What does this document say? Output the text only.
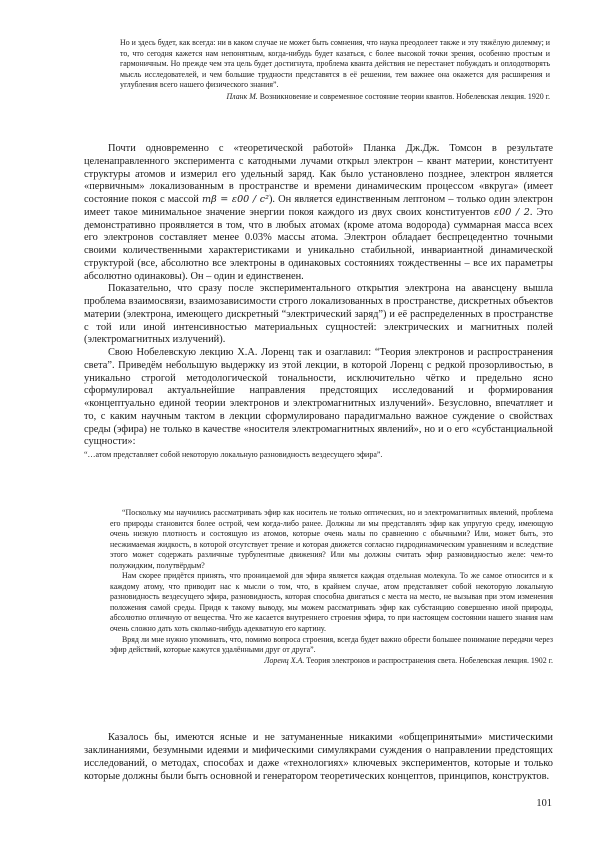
Но и здесь будет, как всегда: ни в каком случае не может быть сомнения, что наука преодолеет также и эту тяжёлую дилемму; и то, что сегодня кажется нам непонятным, когда-нибудь будет казаться, с более высокой точки зрения, особенно простым и гармоничным. Но прежде чем эта цель будет достигнута, проблема кванта действия не перестанет побуждать и оплодотворять мысль исследователей, и чем большие трудности представятся в её решении, тем важнее она окажется для расширения и углубления всего нашего физического знания”.

Планк М. Возникновение и современное состояние теории квантов. Нобелевская лекция. 1920 г.

Почти одновременно с «теоретической работой» Планка Дж.Дж. Томсон в результате целенаправленного эксперимента с катодными лучами открыл электрон – квант материи, конституент структуры атомов и измерил его удельный заряд. Как было установлено позднее, электрон является «первичным» локализованным в пространстве и времени динамическим процессом «вкруга» (имеет состояние покоя с массой mβ = ε00 / c²). Он является единственным лептоном – только один электрон имеет такое минимальное значение энергии покоя каждого из двух своих конституентов ε00 / 2. Это демонстративно проявляется в том, что в любых атомах (кроме атома водорода) суммарная масса всех его электронов составляет менее 0.03% массы атома. Электрон обладает беспрецедентно точными своими количественными характеристиками и уникально стабильной, инвариантной динамической структурой (все, абсолютно все электроны в одинаковых состояниях тождественны – все их параметры абсолютно одинаковы). Он – один и единственен.

Показательно, что сразу после экспериментального открытия электрона на авансцену вышла проблема взаимосвязи, взаимозависимости строго локализованных в пространстве, дискретных объектов материи (электрона, имеющего дискретный “электрический заряд”) и её распределенных в пространстве с той или иной интенсивностью материальных сущностей: электрических и магнитных полей (электромагнитных излучений).

Свою Нобелевскую лекцию Х.А. Лоренц так и озаглавил: “Теория электронов и распространения света”. Приведём небольшую выдержку из этой лекции, в которой Лоренц с редкой прозорливостью, в уникально строгой методологической тональности, исключительно чётко и предельно ясно сформулировал актуальнейшие направления предстоящих исследований и формирования «концептуально единой теории электронов и электромагнитных излучений». Безусловно, впечатляет и то, с каким научным тактом в лекции сформулировано парадигмально важное суждение о свойствах среды (эфира) не только в качестве «носителя электромагнитных явлений», но и о его «субстанциальной сущности»:

“…атом представляет собой некоторую локальную разновидность вездесущего эфира”.

“Поскольку мы научились рассматривать эфир как носитель не только оптических, но и электромагнитных явлений, проблема его природы становится более острой, чем когда-либо ранее. Должны ли мы представлять эфир как упругую среду, имеющую очень низкую плотность и состоящую из атомов, которые очень малы по сравнению с обычными? Или, может быть, это несжимаемая жидкость, в которой отсутствует трение и которая движется согласно гидродинамическим уравнениям и вследствие этого может содержать различные турбулентные движения? Или мы должны считать эфир разновидностью желе: чем-то полужидким, полутвёрдым?

Нам скорее придётся принять, что проницаемой для эфира является каждая отдельная молекула. То же самое относится и к каждому атому, что приводит нас к мысли о том, что, в крайнем случае, атом представляет собой некоторую локальную разновидность вездесущего эфира, разновидность, которая способна двигаться с места на место, не вызывая при этом изменения положения самой среды. Придя к такому выводу, мы можем рассматривать эфир как субстанцию совершенно иной природы, абсолютно отличную от вещества. Что же касается внутреннего строения эфира, то при настоящем состоянии нашего знания нам очень сложно дать хоть сколько-нибудь адекватную его картину.

Вряд ли мне нужно упоминать, что, помимо вопроса строения, всегда будет важно обрести большее понимание передачи через эфир действий, которые кажутся удалёнными друг от друга”.

Лоренц Х.А. Теория электронов и распространения света. Нобелевская лекция. 1902 г.

Казалось бы, имеются ясные и не затуманенные никакими «общепринятыми» мистическими заклинаниями, безумными идеями и мифическими симулякрами суждения о направлении предстоящих исследований, о методах, способах и даже «технологиях» ключевых экспериментов, которые и только которые должны были быть основной и генератором теоретических концептов, принципов, конструктов.

101
